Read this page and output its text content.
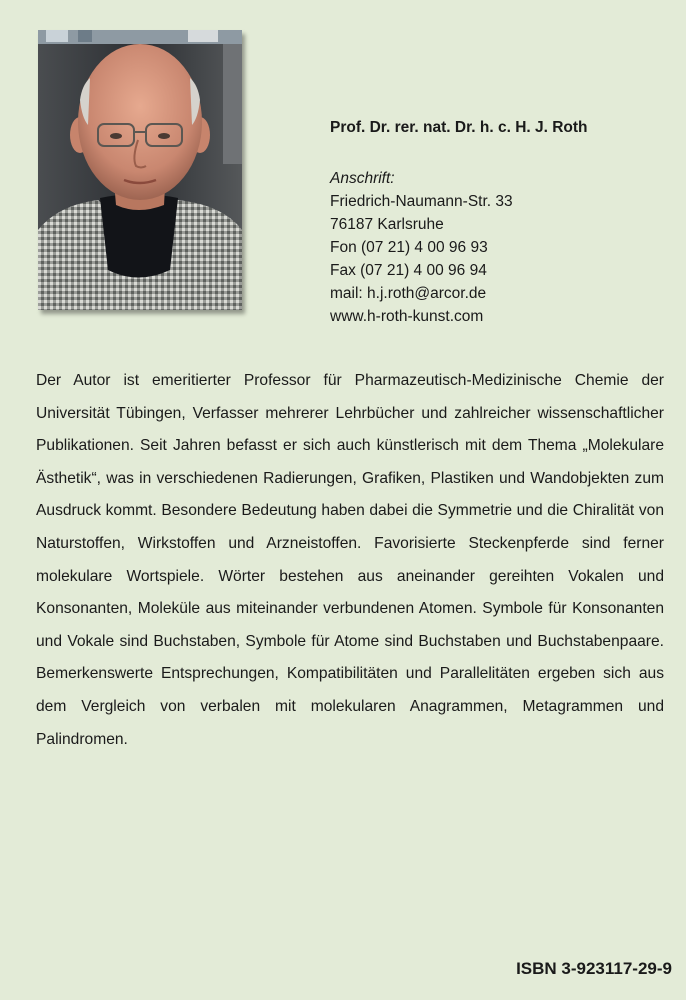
Prof. Dr. rer. nat. Dr. h. c. H. J. Roth
Anschrift:
Friedrich-Naumann-Str. 33
76187 Karlsruhe
Fon (07 21) 4 00 96 93
Fax (07 21) 4 00 96 94
mail: h.j.roth@arcor.de
www.h-roth-kunst.com

Der Autor ist emeritierter Professor für Pharmazeutisch-Medizinische Chemie der Universität Tübingen, Verfasser mehrerer Lehrbücher und zahlreicher wissenschaftlicher Publikationen. Seit Jahren befasst er sich auch künstlerisch mit dem Thema „Molekulare Ästhetik“, was in verschiedenen Radierungen, Grafiken, Plastiken und Wandobjekten zum Ausdruck kommt. Besondere Bedeutung haben dabei die Symmetrie und die Chiralität von Naturstoffen, Wirkstoffen und Arzneistoffen. Favorisierte Steckenpferde sind ferner molekulare Wortspiele. Wörter bestehen aus aneinander gereihten Vokalen und Konsonanten, Moleküle aus miteinander verbundenen Atomen. Symbole für Konsonanten und Vokale sind Buchstaben, Symbole für Atome sind Buchstaben und Buchstabenpaare. Bemerkenswerte Entsprechungen, Kompatibilitäten und Parallelitäten ergeben sich aus dem Vergleich von verbalen mit molekularen Anagrammen, Metagrammen und Palindromen.

ISBN 3-923117-29-9
